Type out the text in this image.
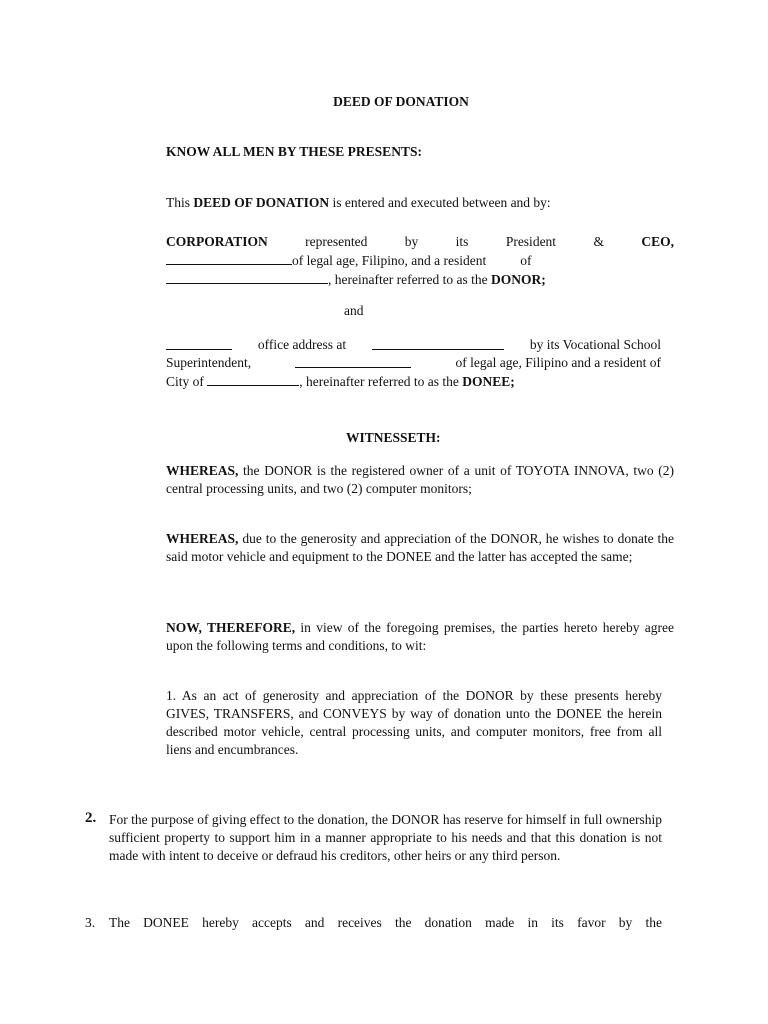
DEED OF DONATION
KNOW ALL MEN BY THESE PRESENTS:
This DEED OF DONATION is entered and executed between and by:
CORPORATION	represented	by	its	President	&	CEO,
of legal age, Filipino, and a resident	of
, hereinafter referred to as the DONOR;
and
office address at	by its Vocational School
Superintendent,	of legal age, Filipino and a resident of
City of	, hereinafter referred to as the DONEE;
WITNESSETH:
WHEREAS, the DONOR is the registered owner of a unit of TOYOTA INNOVA, two (2) central processing units, and two (2) computer monitors;
WHEREAS, due to the generosity and appreciation of the DONOR, he wishes to donate the said motor vehicle and equipment to the DONEE and the latter has accepted the same;
NOW, THEREFORE, in view of the foregoing premises, the parties hereto hereby agree upon the following terms and conditions, to wit:
1. As an act of generosity and appreciation of the DONOR by these presents hereby GIVES, TRANSFERS, and CONVEYS by way of donation unto the DONEE the herein described motor vehicle, central processing units, and computer monitors, free from all liens and encumbrances.
2. For the purpose of giving effect to the donation, the DONOR has reserve for himself in full ownership sufficient property to support him in a manner appropriate to his needs and that this donation is not made with intent to deceive or defraud his creditors, other heirs or any third person.
3. The DONEE hereby accepts and receives the donation made in its favor by the
